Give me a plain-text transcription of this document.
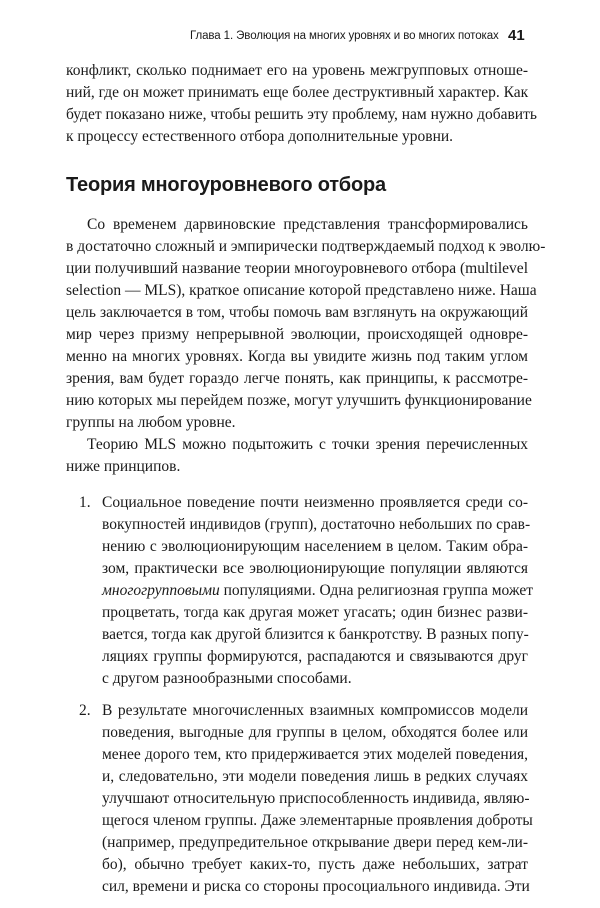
Глава 1. Эволюция на многих уровнях и во многих потоках 41

конфликт, сколько поднимает его на уровень межгрупповых отноше-
ний, где он может принимать еще более деструктивный характер. Как
будет показано ниже, чтобы решить эту проблему, нам нужно добавить
к процессу естественного отбора дополнительные уровни.

Теория многоуровневого отбора

Со временем дарвиновские представления трансформировались
в достаточно сложный и эмпирически подтверждаемый подход к эволю-
ции получивший название теории многоуровневого отбора (multilevel
selection — MLS), краткое описание которой представлено ниже. Наша
цель заключается в том, чтобы помочь вам взглянуть на окружающий
мир через призму непрерывной эволюции, происходящей одновре-
менно на многих уровнях. Когда вы увидите жизнь под таким углом
зрения, вам будет гораздо легче понять, как принципы, к рассмотре-
нию которых мы перейдем позже, могут улучшить функционирование
группы на любом уровне.

Теорию MLS можно подытожить с точки зрения перечисленных
ниже принципов.

1. Социальное поведение почти неизменно проявляется среди со-
вокупностей индивидов (групп), достаточно небольших по срав-
нению с эволюционирующим населением в целом. Таким обра-
зом, практически все эволюционирующие популяции являются
многогрупповыми популяциями. Одна религиозная группа может
процветать, тогда как другая может угасать; один бизнес разви-
вается, тогда как другой близится к банкротству. В разных попу-
ляциях группы формируются, распадаются и связываются друг
с другом разнообразными способами.
2. В результате многочисленных взаимных компромиссов модели
поведения, выгодные для группы в целом, обходятся более или
менее дорого тем, кто придерживается этих моделей поведения,
и, следовательно, эти модели поведения лишь в редких случаях
улучшают относительную приспособленность индивида, являю-
щегося членом группы. Даже элементарные проявления доброты
(например, предупредительное открывание двери перед кем-ли-
бо), обычно требует каких-то, пусть даже небольших, затрат
сил, времени и риска со стороны просоциального индивида. Эти
